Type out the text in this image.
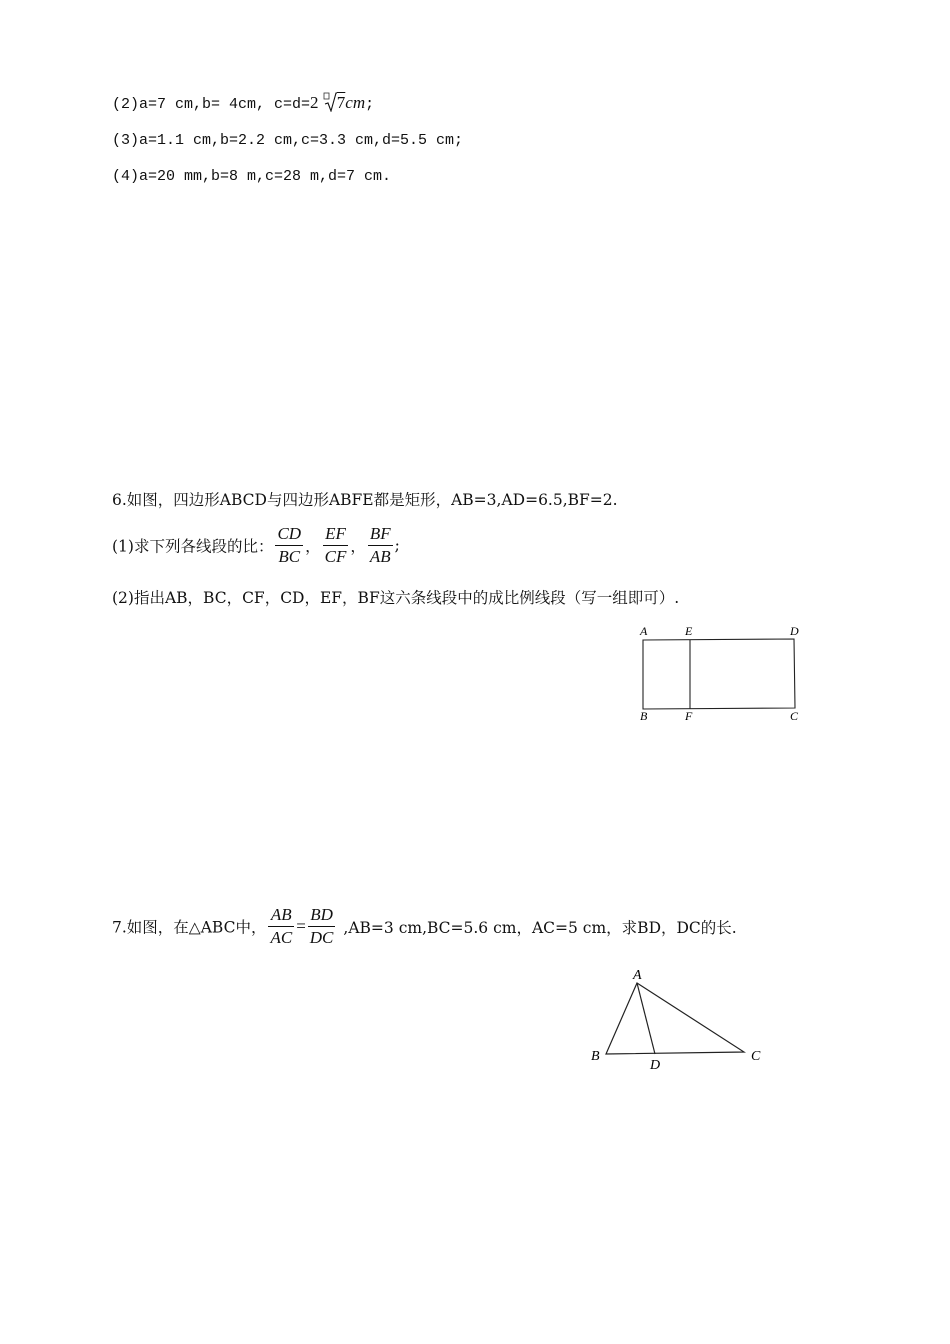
(2)a=7 cm,b= 4cm, c=d=2 7cm;
(3)a=1.1 cm,b=2.2 cm,c=3.3 cm,d=5.5 cm;
(4)a=20 mm,b=8 m,c=28 m,d=7 cm.
6.如图，四边形ABCD与四边形ABFE都是矩形，AB=3,AD=6.5,BF=2.
(1)求下列各线段的比： $\frac{CD}{BC}$ ， $\frac{EF}{CF}$ ， $\frac{BF}{AB}$ ;
(2)指出AB，BC，CF，CD，EF，BF这六条线段中的成比例线段（写一组即可）.
A	E	D
B	F	C
7.如图，在△ABC中， $\frac{AB}{AC} = \frac{BD}{DC} ,AB=3$ cm,BC=5.6 cm，AC=5 cm，求BD，DC的长.
A
B	C
D
